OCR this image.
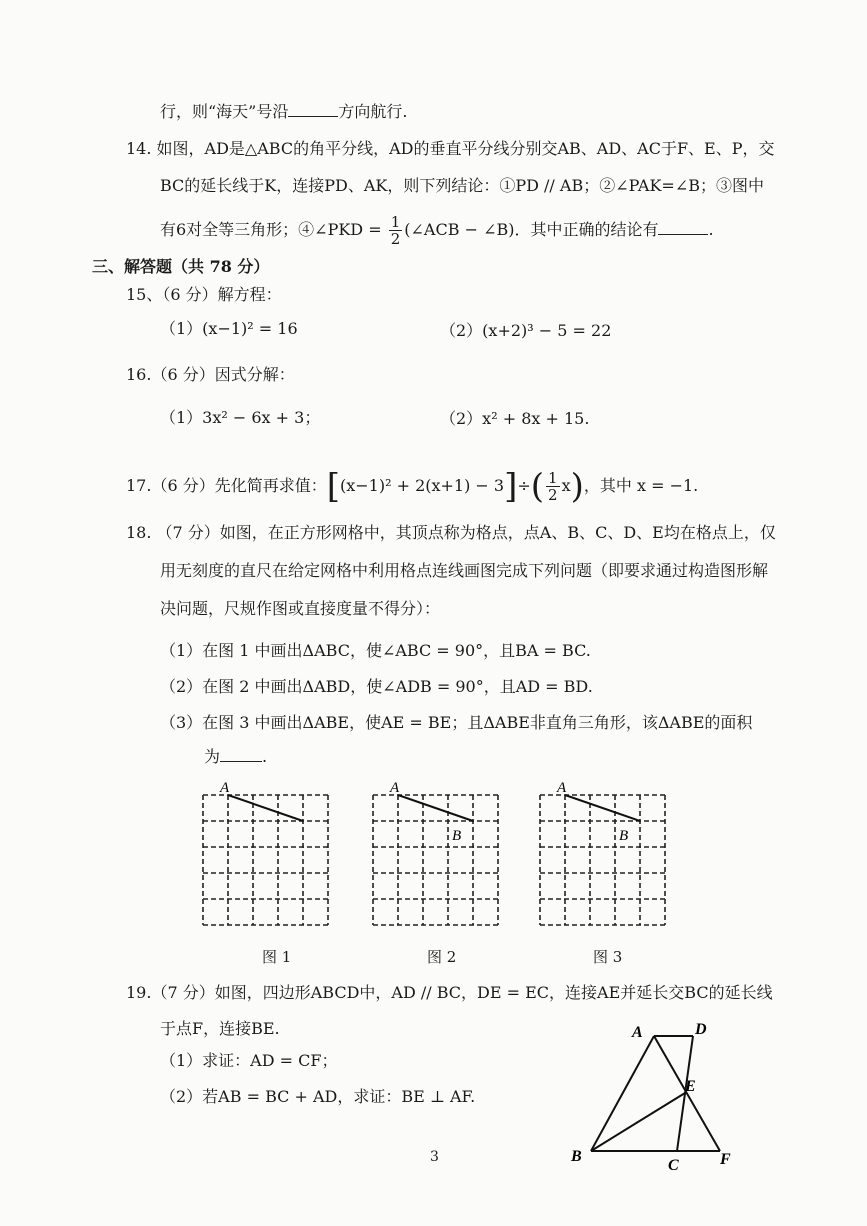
行，则“海天”号沿	方向航行.
14. 如图，AD是△ABC的角平分线，AD的垂直平分线分别交AB、AD、AC于F、E、P，交
BC的延长线于K，连接PD、AK，则下列结论：①PD // AB；②∠PAK=∠B；③图中
有6对全等三角形；④∠PKD = $\frac{1}{2}$ (∠ACB − ∠B)．其中正确的结论有	.
三、解答题（共 78 分）
15、（6 分）解方程：
（1）(x−1)² = 16	（2）(x+2)³ − 5 = 22
16.（6 分）因式分解：
（1）3x² − 6x + 3；	（2）x² + 8x + 15.
17.（6 分）先化简再求值：$[(x-1)^2 + 2(x+1) - 3]\div( \frac{1}{2} x)$，其中 x = −1.
18. （7 分）如图，在正方形网格中，其顶点称为格点，点A、B、C、D、E均在格点上，仅
用无刻度的直尺在给定网格中利用格点连线画图完成下列问题（即要求通过构造图形解
决问题，尺规作图或直接度量不得分）：
（1）在图 1 中画出ΔABC，使∠ABC = 90°，且BA = BC.
（2）在图 2 中画出ΔABD，使∠ADB = 90°，且AD = BD.
（3）在图 3 中画出ΔABE，使AE = BE；且ΔABE非直角三角形，该ΔABE的面积
为	.
A	A
B
A
B
图 1	图 2	图 3
19.（7 分）如图，四边形ABCD中，AD // BC，DE = EC，连接AE并延长交BC的延长线
于点F，连接BE.
（1）求证：AD = CF；
（2）若AB = BC + AD，求证：BE ⊥ AF.
A	D
E
B
C	F
3
